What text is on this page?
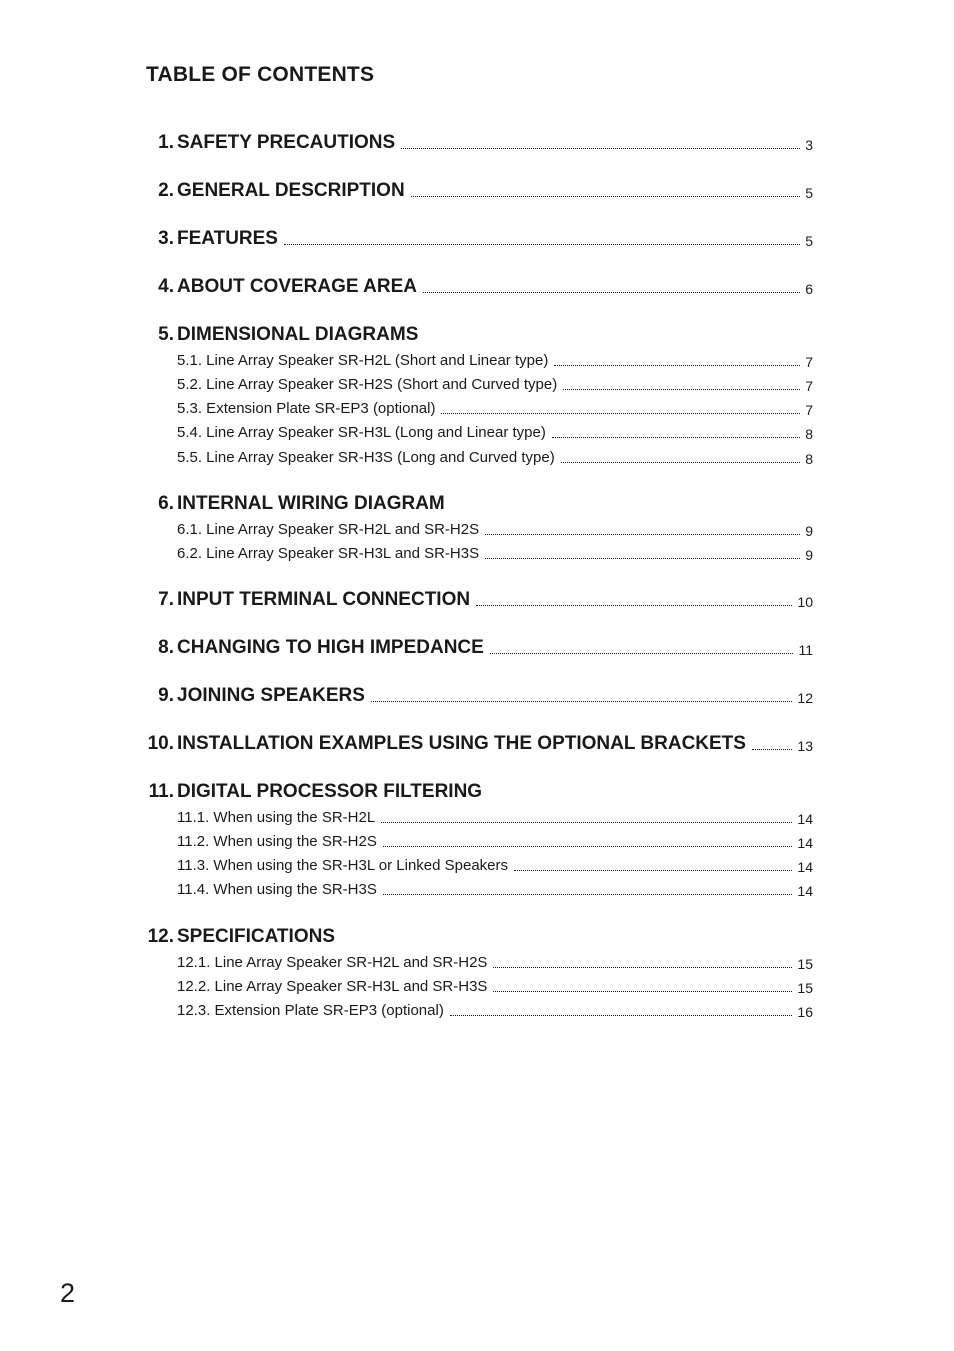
TABLE OF CONTENTS
1. SAFETY PRECAUTIONS	3
2. GENERAL DESCRIPTION	5
3. FEATURES	5
4. ABOUT COVERAGE AREA	6
5. DIMENSIONAL DIAGRAMS
5.1. Line Array Speaker SR-H2L (Short and Linear type)	7
5.2. Line Array Speaker SR-H2S (Short and Curved type)	7
5.3. Extension Plate SR-EP3 (optional)	7
5.4. Line Array Speaker SR-H3L (Long and Linear type)	8
5.5. Line Array Speaker SR-H3S (Long and Curved type)	8
6. INTERNAL WIRING DIAGRAM
6.1. Line Array Speaker SR-H2L and SR-H2S	9
6.2. Line Array Speaker SR-H3L and SR-H3S	9
7. INPUT TERMINAL CONNECTION	10
8. CHANGING TO HIGH IMPEDANCE	11
9. JOINING SPEAKERS	12
10. INSTALLATION EXAMPLES USING THE OPTIONAL BRACKETS	13
11. DIGITAL PROCESSOR FILTERING
11.1. When using the SR-H2L	14
11.2. When using the SR-H2S	14
11.3. When using the SR-H3L or Linked Speakers	14
11.4. When using the SR-H3S	14
12. SPECIFICATIONS
12.1. Line Array Speaker SR-H2L and SR-H2S	15
12.2. Line Array Speaker SR-H3L and SR-H3S	15
12.3. Extension Plate SR-EP3 (optional)	16
2
